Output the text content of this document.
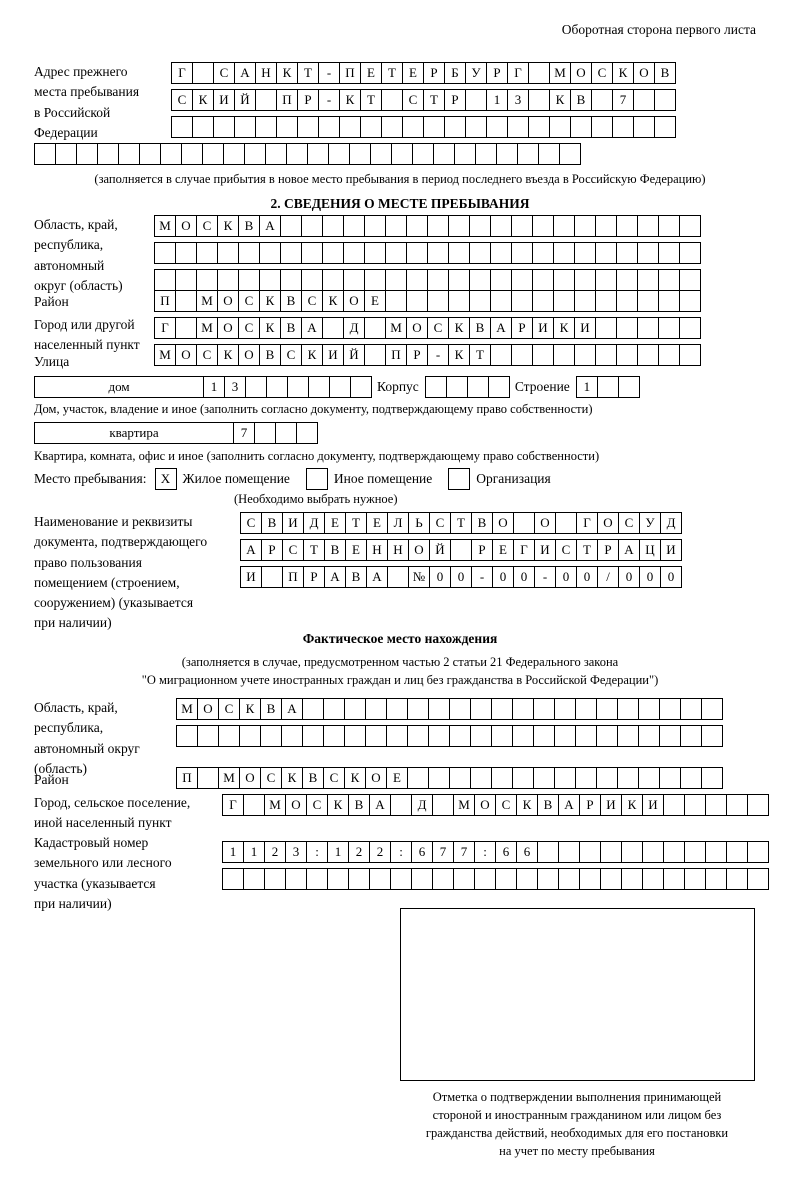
Оборотная сторона первого листа
Адрес прежнего
места пребывания
в Российской
Федерации
Г	С А Н К Т	-	П Е	Т	Е	Р	Б У Р	Г	М О С К О В
С К И Й	П Р	-	К Т	С Т	Р	1	3	К В	7
(заполняется в случае прибытия в новое место пребывания в период последнего въезда в Российскую Федерацию)
2. СВЕДЕНИЯ О МЕСТЕ ПРЕБЫВАНИЯ
Область, край,
республика,
автономный
округ (область)
М О С К В А
Район	П	М О С К В С К О Е
Город или другой
населенный пункт
Г	М О С К В А	Д	М О С К В А Р И К И
Улица	М О С К О В С К И Й	П Р	-	К Т
дом	1	3	Корпус	Строение	1
Дом, участок, владение и иное (заполнить согласно документу, подтверждающему право собственности)
квартира	7
Квартира, комната, офис и иное (заполнить согласно документу, подтверждающему право собственности)
Место пребывания:	X Жилое помещение	Иное помещение	Организация
(Необходимо выбрать нужное)
Наименование и реквизиты
документа, подтверждающего
право пользования
помещением (строением,
сооружением) (указывается
при наличии)
С В И Д Е	Т	Е Л Ь С Т В О	О	Г О С У Д
А Р	С Т В Е Н Н О Й	Р	Е	Г И С Т	Р А Ц И
И	П Р А В А	№ 0	0	-	0	0	-	0	0	/	0	0	0
Фактическое место нахождения
(заполняется в случае, предусмотренном частью 2 статьи 21 Федерального закона
"О миграционном учете иностранных граждан и лиц без гражданства в Российской Федерации")
Область, край,
республика,
автономный округ
(область)
М О С К В А
Район	П	М О С К В С К О Е
Город, сельское поселение,
иной населенный пункт
Г	М О С К В А	Д	М О С К В А Р И К И
Кадастровый номер
земельного или лесного
участка (указывается
при наличии)
1	1	2	3	:	1	2	2	:	6	7	7	:	6	6
Отметка о подтверждении выполнения принимающей
стороной и иностранным гражданином или лицом без
гражданства действий, необходимых для его постановки
на учет по месту пребывания
